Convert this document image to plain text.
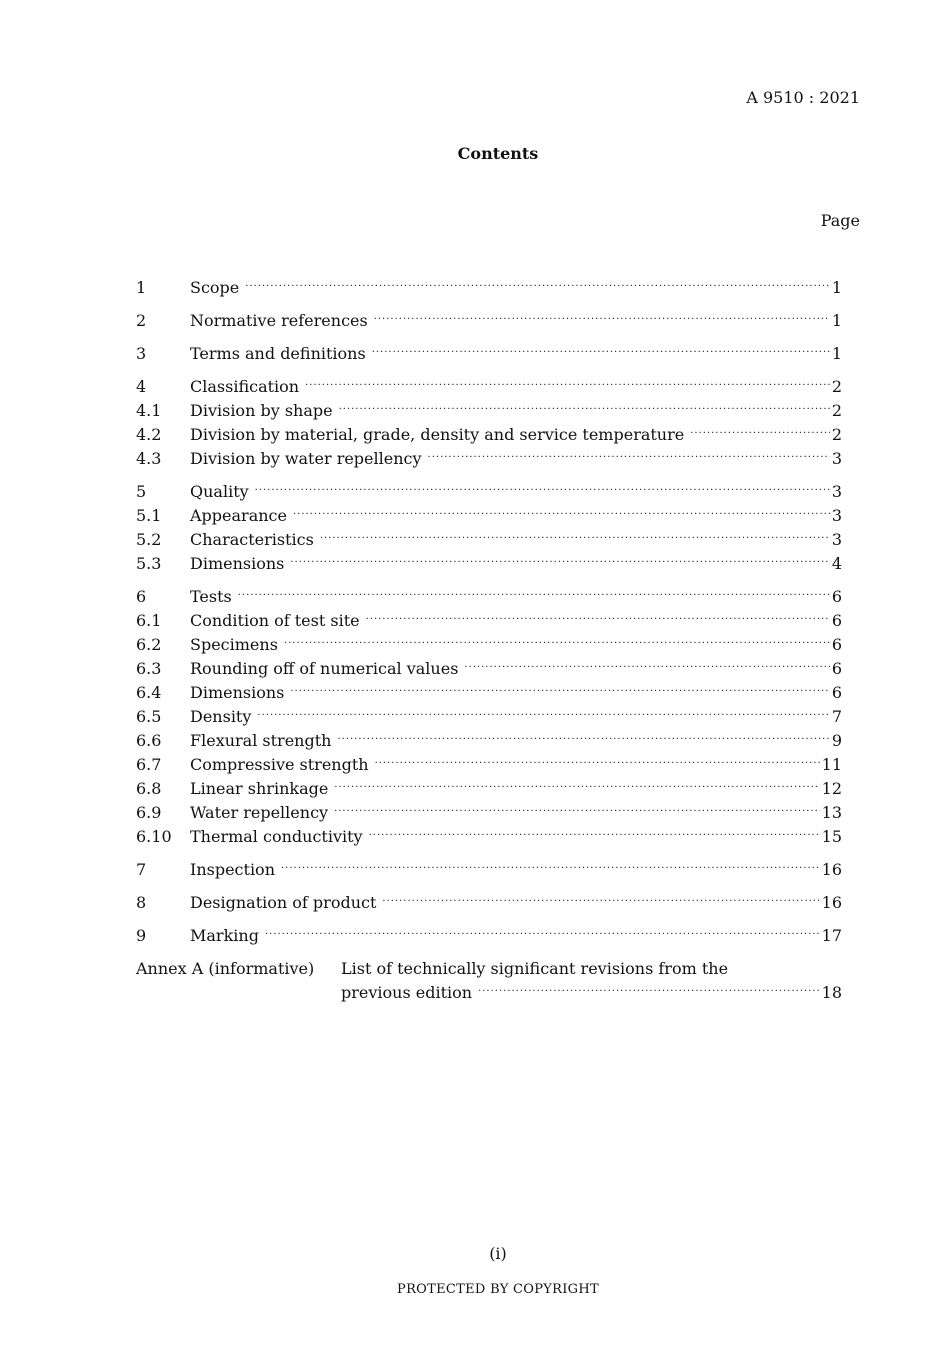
A 9510 : 2021
Contents
Page
1	Scope ·····	1
2	Normative references ·····	1
3	Terms and definitions ·····	1
4	Classification ·····	2
4.1	Division by shape ·····	2
4.2	Division by material, grade, density and service temperature ·····	2
4.3	Division by water repellency ·····	3
5	Quality ·····	3
5.1	Appearance ·····	3
5.2	Characteristics ·····	3
5.3	Dimensions ·····	4
6	Tests ·····	6
6.1	Condition of test site ·····	6
6.2	Specimens ·····	6
6.3	Rounding off of numerical values ·····	6
6.4	Dimensions ·····	6
6.5	Density ·····	7
6.6	Flexural strength ·····	9
6.7	Compressive strength ·····	11
6.8	Linear shrinkage ·····	12
6.9	Water repellency ·····	13
6.10	Thermal conductivity ·····	15
7	Inspection ·····	16
8	Designation of product ·····	16
9	Marking ·····	17
Annex A (informative)	List of technically significant revisions from the
previous edition ·····	18
(i)
PROTECTED BY COPYRIGHT
